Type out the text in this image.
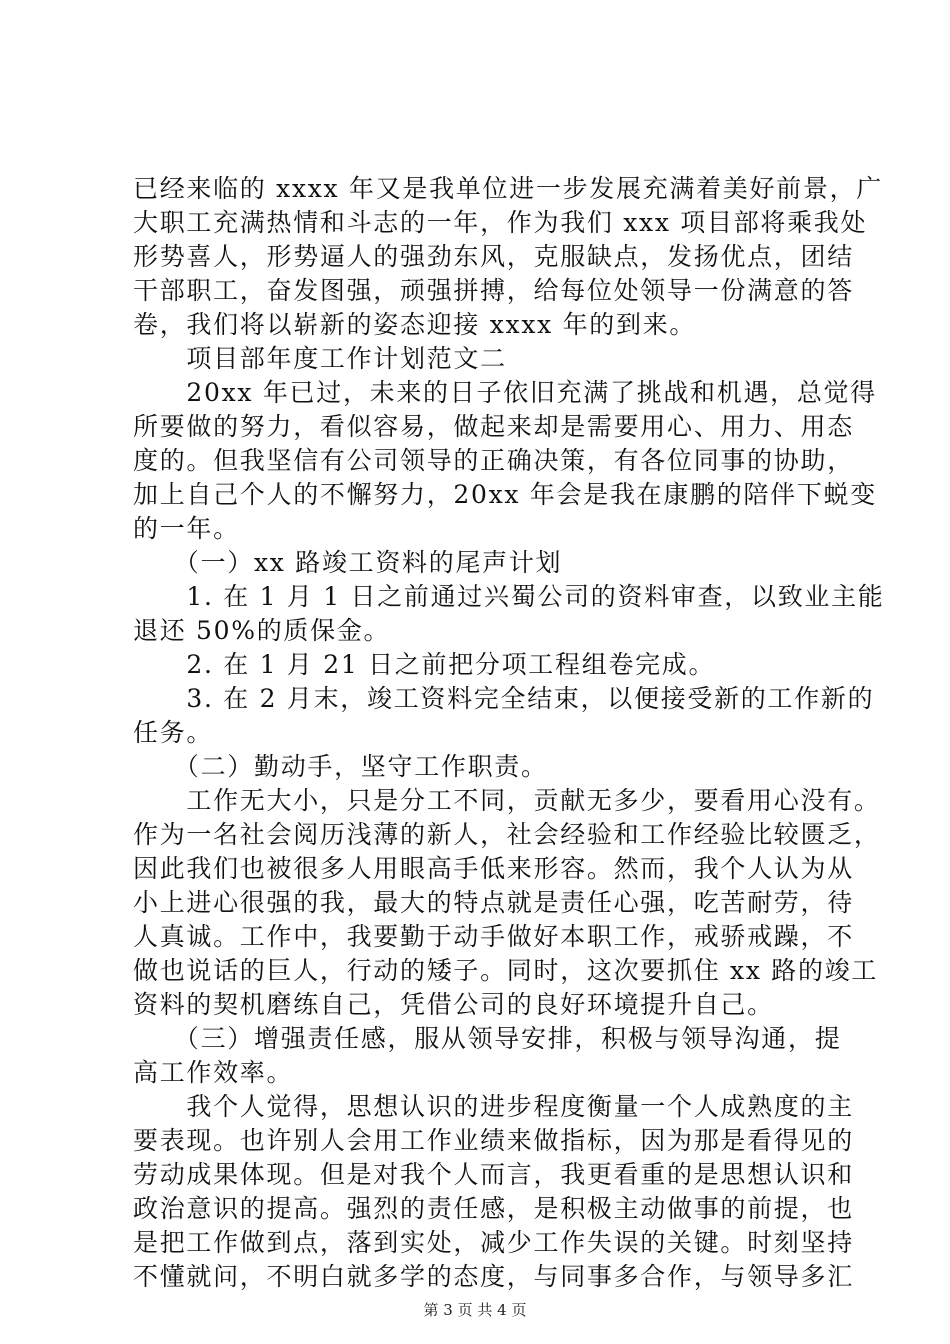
已经来临的 xxxx 年又是我单位进一步发展充满着美好前景，广
大职工充满热情和斗志的一年，作为我们 xxx 项目部将乘我处
形势喜人，形势逼人的强劲东风，克服缺点，发扬优点，团结
干部职工，奋发图强，顽强拼搏，给每位处领导一份满意的答
卷，我们将以崭新的姿态迎接 xxxx 年的到来。
　　项目部年度工作计划范文二
　　20xx 年已过，未来的日子依旧充满了挑战和机遇，总觉得
所要做的努力，看似容易，做起来却是需要用心、用力、用态
度的。但我坚信有公司领导的正确决策，有各位同事的协助，
加上自己个人的不懈努力，20xx 年会是我在康鹏的陪伴下蜕变
的一年。
　　（一）xx 路竣工资料的尾声计划
　　1. 在 1 月 1 日之前通过兴蜀公司的资料审查，以致业主能
退还 50%的质保金。
　　2. 在 1 月 21 日之前把分项工程组卷完成。
　　3. 在 2 月末，竣工资料完全结束，以便接受新的工作新的
任务。
　　（二）勤动手，坚守工作职责。
　　工作无大小，只是分工不同，贡献无多少，要看用心没有。
作为一名社会阅历浅薄的新人，社会经验和工作经验比较匮乏，
因此我们也被很多人用眼高手低来形容。然而，我个人认为从
小上进心很强的我，最大的特点就是责任心强，吃苦耐劳，待
人真诚。工作中，我要勤于动手做好本职工作，戒骄戒躁，不
做也说话的巨人，行动的矮子。同时，这次要抓住 xx 路的竣工
资料的契机磨练自己，凭借公司的良好环境提升自己。
　　（三）增强责任感，服从领导安排，积极与领导沟通，提
高工作效率。
　　我个人觉得，思想认识的进步程度衡量一个人成熟度的主
要表现。也许别人会用工作业绩来做指标，因为那是看得见的
劳动成果体现。但是对我个人而言，我更看重的是思想认识和
政治意识的提高。强烈的责任感，是积极主动做事的前提，也
是把工作做到点，落到实处，减少工作失误的关键。时刻坚持
不懂就问，不明白就多学的态度，与同事多合作，与领导多汇
第 3 页 共 4 页
